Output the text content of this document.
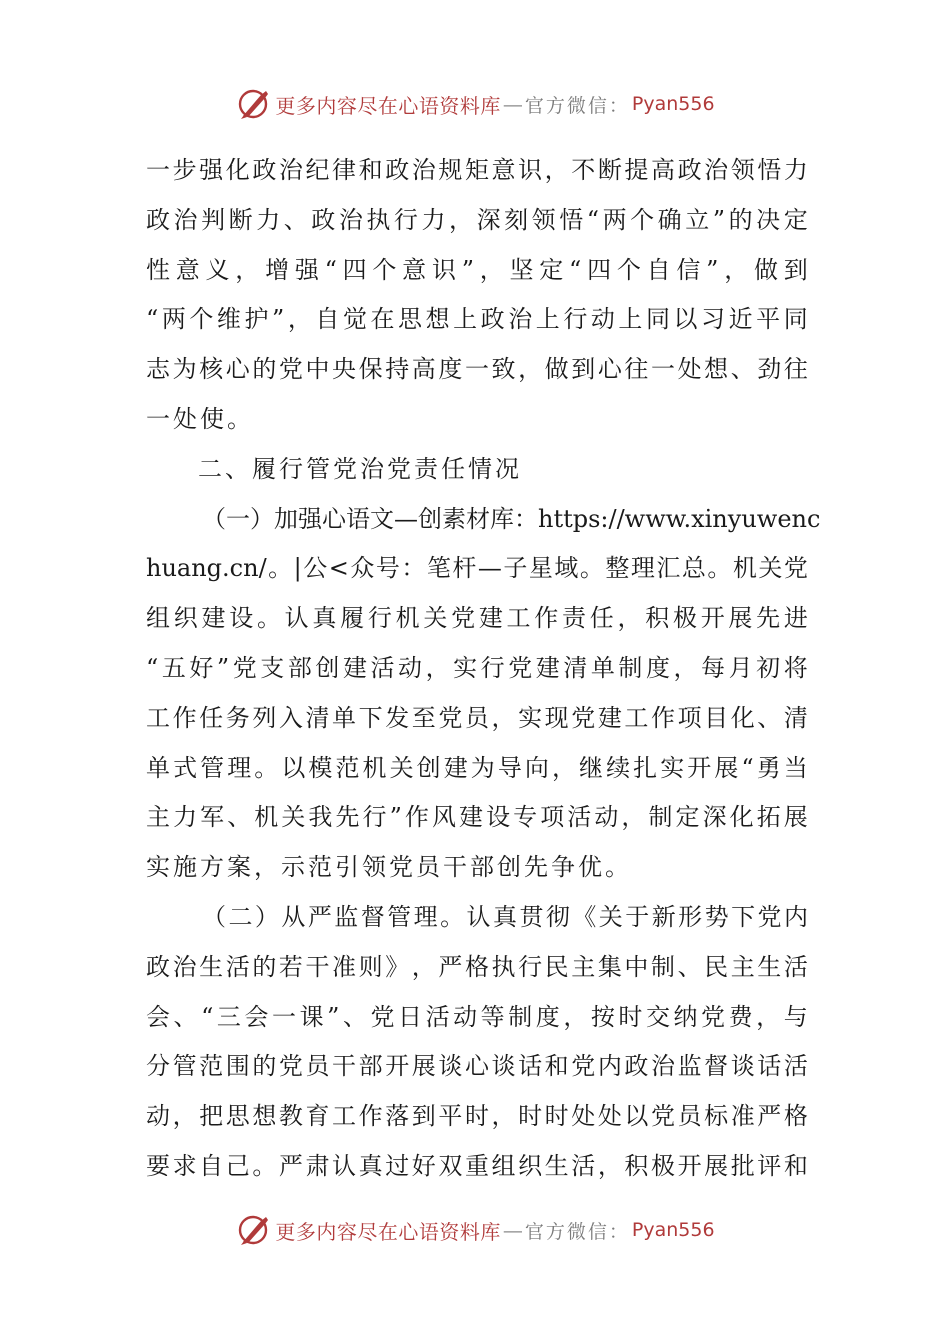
更多内容尽在心语资料库 — 官方微信： Pyan556
一 步 强 化 政 治 纪 律 和 政 治 规 矩 意 识 ， 不 断 提 高 政 治 领 悟 力
政 治 判 断 力 、 政 治 执 行 力 ， 深 刻 领 悟 “ 两 个 确 立 ” 的 决 定
性 意 义 ， 增 强 “ 四 个 意 识 ” ， 坚 定 “ 四 个 自 信 ” ， 做 到
“ 两 个 维 护 ” ， 自 觉 在 思 想 上 政 治 上 行 动 上 同 以 习 近 平 同
志 为 核 心 的 党 中 央 保 持 高 度 一 致 ， 做 到 心 往 一 处 想 、 劲 往
一处使。
二、履行管党治党责任情况
（ 一 ） 加 强 心 语 文 — 创 素 材 库 ： https://www.xinyuwenc
huang.cn/ 。 | 公 < 众 号 ： 笔 杆 — 子 星 域 。 整 理 汇 总 。 机 关 党
组 织 建 设 。 认 真 履 行 机 关 党 建 工 作 责 任 ， 积 极 开 展 先 进
“ 五 好 ” 党 支 部 创 建 活 动 ， 实 行 党 建 清 单 制 度 ， 每 月 初 将
工 作 任 务 列 入 清 单 下 发 至 党 员 ， 实 现 党 建 工 作 项 目 化 、 清
单 式 管 理 。 以 模 范 机 关 创 建 为 导 向 ， 继 续 扎 实 开 展 “ 勇 当
主 力 军 、 机 关 我 先 行 ” 作 风 建 设 专 项 活 动 ， 制 定 深 化 拓 展
实施方案，示范引领党员干部创先争优。
（ 二 ） 从 严 监 督 管 理 。 认 真 贯 彻 《 关 于 新 形 势 下 党 内
政 治 生 活 的 若 干 准 则 》 ， 严 格 执 行 民 主 集 中 制 、 民 主 生 活
会 、 “ 三 会 一 课 ” 、 党 日 活 动 等 制 度 ， 按 时 交 纳 党 费 ， 与
分 管 范 围 的 党 员 干 部 开 展 谈 心 谈 话 和 党 内 政 治 监 督 谈 话 活
动 ， 把 思 想 教 育 工 作 落 到 平 时 ， 时 时 处 处 以 党 员 标 准 严 格
要 求 自 己 。 严 肃 认 真 过 好 双 重 组 织 生 活 ， 积 极 开 展 批 评 和
更多内容尽在心语资料库 — 官方微信： Pyan556
